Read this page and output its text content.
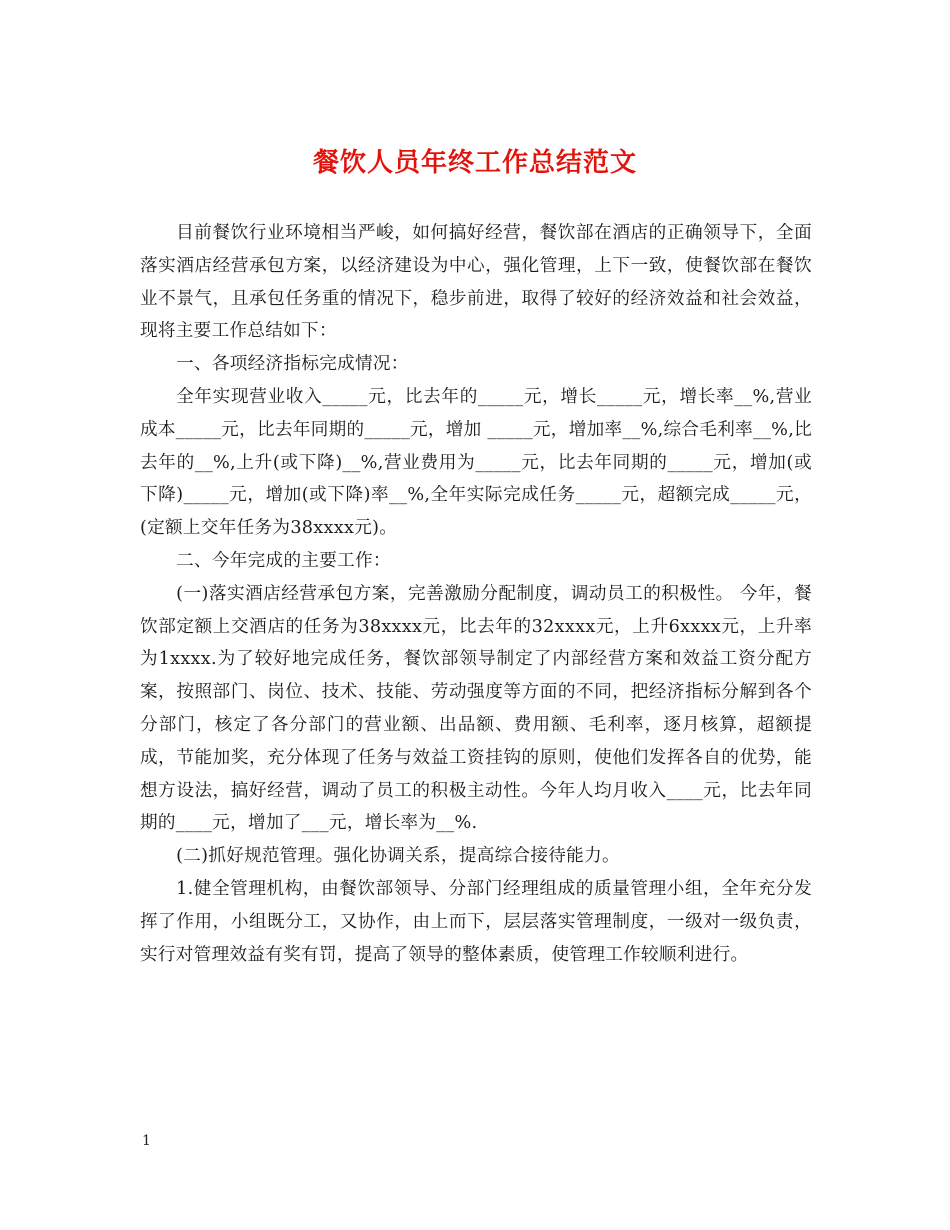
餐饮人员年终工作总结范文

目前餐饮行业环境相当严峻，如何搞好经营，餐饮部在酒店的正确领导下，全面落实酒店经营承包方案，以经济建设为中心，强化管理，上下一致，使餐饮部在餐饮业不景气，且承包任务重的情况下，稳步前进，取得了较好的经济效益和社会效益，现将主要工作总结如下：

一、各项经济指标完成情况：

全年实现营业收入_____元，比去年的_____元，增长_____元，增长率__%,营业成本_____元，比去年同期的_____元，增加 _____元，增加率__%,综合毛利率__%,比去年的__%,上升(或下降)__%,营业费用为_____元，比去年同期的_____元，增加(或下降)_____元，增加(或下降)率__%,全年实际完成任务_____元，超额完成_____元，(定额上交年任务为38xxxx元)。

二、今年完成的主要工作：

(一)落实酒店经营承包方案，完善激励分配制度，调动员工的积极性。 今年，餐饮部定额上交酒店的任务为38xxxx元，比去年的32xxxx元，上升6xxxx元，上升率为1xxxx.为了较好地完成任务，餐饮部领导制定了内部经营方案和效益工资分配方案，按照部门、岗位、技术、技能、劳动强度等方面的不同，把经济指标分解到各个分部门，核定了各分部门的营业额、出品额、费用额、毛利率，逐月核算，超额提成，节能加奖，充分体现了任务与效益工资挂钩的原则，使他们发挥各自的优势，能想方设法，搞好经营，调动了员工的积极主动性。今年人均月收入____元，比去年同期的____元，增加了___元，增长率为__%.

(二)抓好规范管理。强化协调关系，提高综合接待能力。

1.健全管理机构，由餐饮部领导、分部门经理组成的质量管理小组，全年充分发挥了作用，小组既分工，又协作，由上而下，层层落实管理制度，一级对一级负责，实行对管理效益有奖有罚，提高了领导的整体素质，使管理工作较顺利进行。

1
